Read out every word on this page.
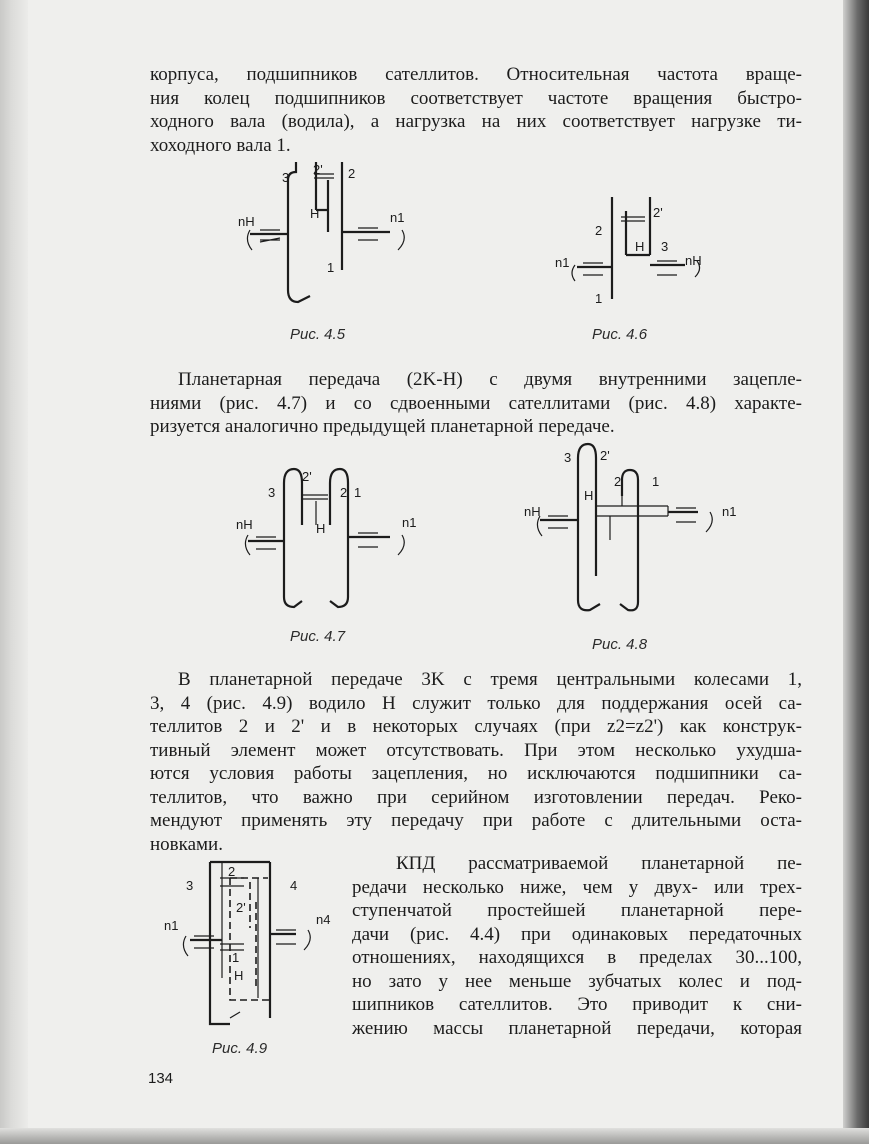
корпуса, подшипников сателлитов. Относительная частота враще-
ния колец подшипников соответствует частоте вращения быстро-
ходного вала (водила), а нагрузка на них соответствует нагрузке ти-
хоходного вала 1.
3
2' 2
H
nH	n1
1
Рис. 4.5
2'
2
H 3
n1	nH
1
Рис. 4.6
Планетарная передача (2K-H) с двумя внутренними зацепле-
ниями (рис. 4.7) и со сдвоенными сателлитами (рис. 4.8) характе-
ризуется аналогично предыдущей планетарной передаче.
2'
3	2 1
nH	H	n1
Рис. 4.7
3 2'
2 1
H
nH	n1
Рис. 4.8
В планетарной передаче 3K с тремя центральными колесами 1,
3, 4 (рис. 4.9) водило H служит только для поддержания осей са-
теллитов 2 и 2' и в некоторых случаях (при z2=z2') как конструк-
тивный элемент может отсутствовать. При этом несколько ухудша-
ются условия работы зацепления, но исключаются подшипники са-
теллитов, что важно при серийном изготовлении передач. Реко-
мендуют применять эту передачу при работе с длительными оста-
новками.
2
3	4
2'
n1	n4
1
H
Рис. 4.9
КПД рассматриваемой планетарной пе-
редачи несколько ниже, чем у двух- или трех-
ступенчатой простейшей планетарной пере-
дачи (рис. 4.4) при одинаковых передаточных
отношениях, находящихся в пределах 30...100,
но зато у нее меньше зубчатых колес и под-
шипников сателлитов. Это приводит к сни-
жению массы планетарной передачи, которая
134
